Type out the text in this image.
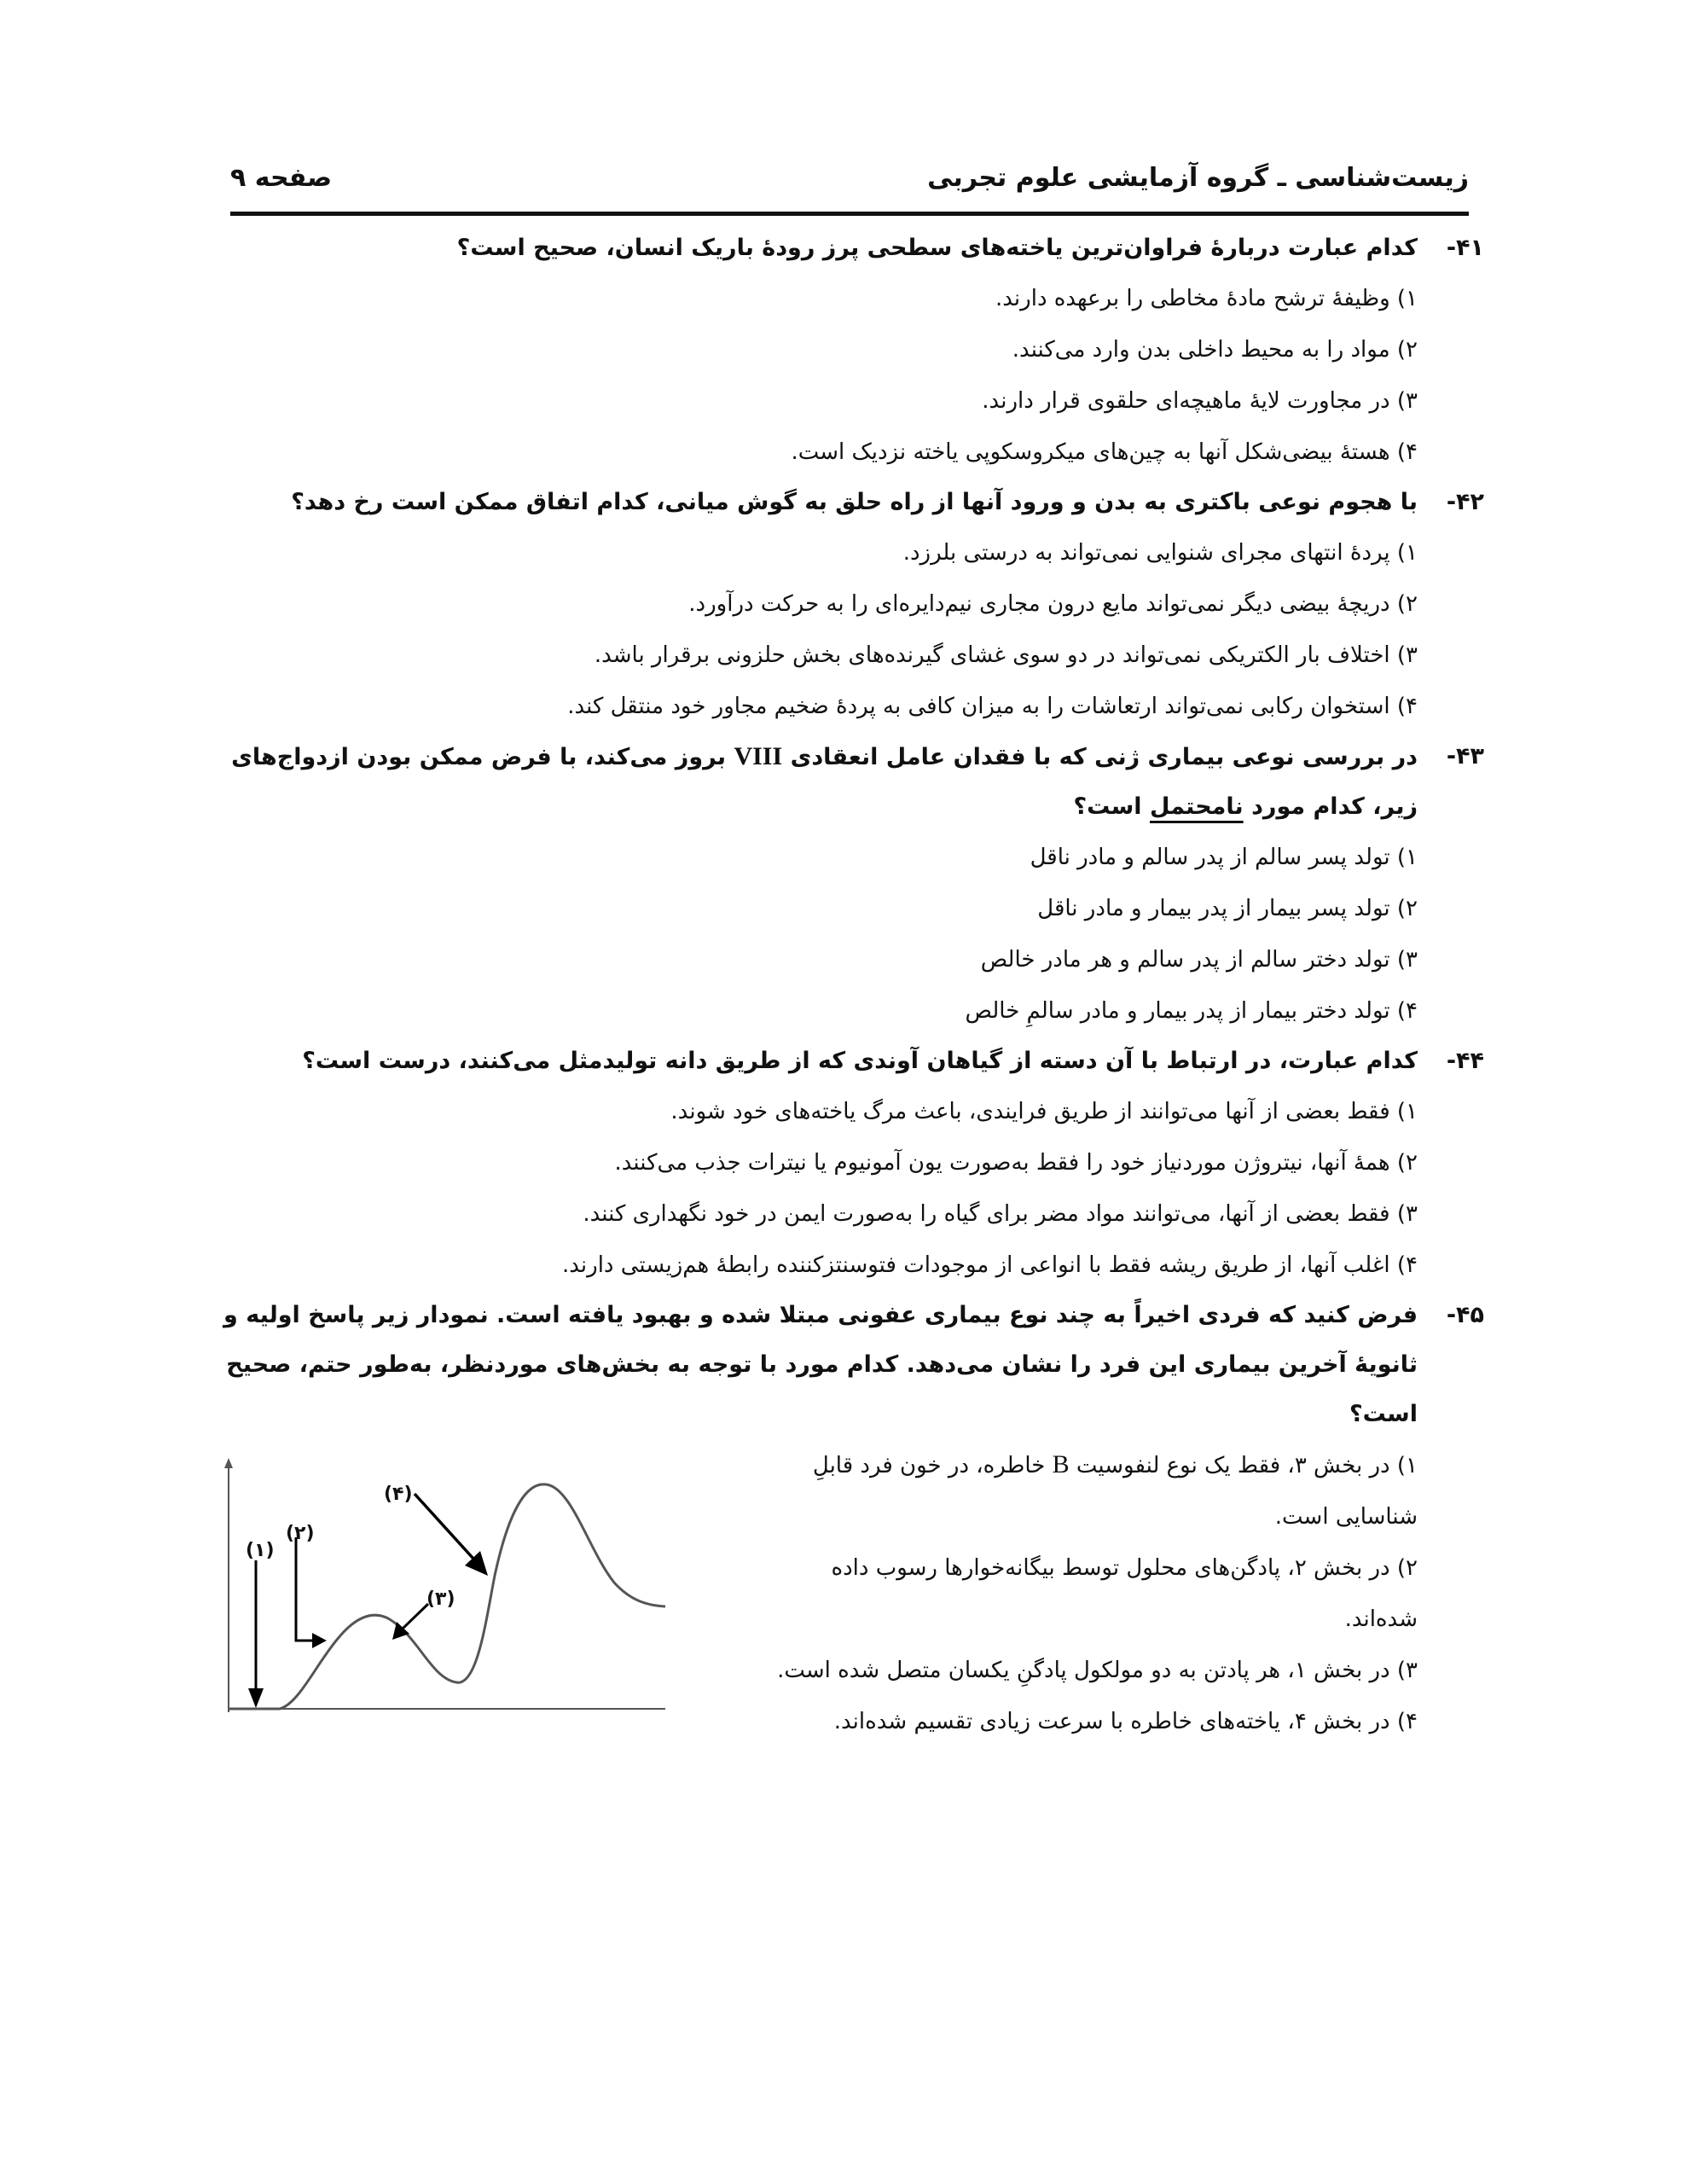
زیست‌شناسی ـ گروه آزمایشی علوم تجربی
صفحه ۹
۴۱-
کدام عبارت دربارهٔ فراوان‌ترین یاخته‌های سطحی پرز رودهٔ باریک انسان، صحیح است؟
۱) وظیفهٔ ترشح مادهٔ مخاطی را برعهده دارند.
۲) مواد را به محیط داخلی بدن وارد می‌کنند.
۳) در مجاورت لایهٔ ماهیچه‌ای حلقوی قرار دارند.
۴) هستهٔ بیضی‌شکل آنها به چین‌های میکروسکوپی یاخته نزدیک است.
۴۲-
با هجوم نوعی باکتری به بدن و ورود آنها از راه حلق به گوش میانی، کدام اتفاق ممکن است رخ دهد؟
۱) پردهٔ انتهای مجرای شنوایی نمی‌تواند به درستی بلرزد.
۲) دریچهٔ بیضی دیگر نمی‌تواند مایع درون مجاری نیم‌دایره‌ای را به حرکت درآورد.
۳) اختلاف بار الکتریکی نمی‌تواند در دو سوی غشای گیرنده‌های بخش حلزونی برقرار باشد.
۴) استخوان رکابی نمی‌تواند ارتعاشات را به میزان کافی به پردهٔ ضخیم مجاور خود منتقل کند.
۴۳-
در بررسی نوعی بیماری ژنی که با فقدان عامل انعقادی VIII بروز می‌کند، با فرض ممکن بودن ازدواج‌های زیر، کدام مورد نامحتمل است؟
۱) تولد پسر سالم از پدر سالم و مادر ناقل
۲) تولد پسر بیمار از پدر بیمار و مادر ناقل
۳) تولد دختر سالم از پدر سالم و هر مادر خالص
۴) تولد دختر بیمار از پدر بیمار و مادر سالمِ خالص
۴۴-
کدام عبارت، در ارتباط با آن دسته از گیاهان آوندی که از طریق دانه تولیدمثل می‌کنند، درست است؟
۱) فقط بعضی از آنها می‌توانند از طریق فرایندی، باعث مرگ یاخته‌های خود شوند.
۲) همهٔ آنها، نیتروژن موردنیاز خود را فقط به‌صورت یون آمونیوم یا نیترات جذب می‌کنند.
۳) فقط بعضی از آنها، می‌توانند مواد مضر برای گیاه را به‌صورت ایمن در خود نگهداری کنند.
۴) اغلب آنها، از طریق ریشه فقط با انواعی از موجودات فتوسنتزکننده رابطهٔ هم‌زیستی دارند.
۴۵-
فرض کنید که فردی اخیراً به چند نوع بیماری عفونی مبتلا شده و بهبود یافته است. نمودار زیر پاسخ اولیه و ثانویهٔ آخرین بیماری این فرد را نشان می‌دهد. کدام مورد با توجه به بخش‌های موردنظر، به‌طور حتم، صحیح است؟
۱) در بخش ۳، فقط یک نوع لنفوسیت B خاطره، در خون فرد قابلِ شناسایی است.
۲) در بخش ۲، پادگن‌های محلول توسط بیگانه‌خوارها رسوب داده شده‌اند.
۳) در بخش ۱، هر پادتن به دو مولکول پادگنِ یکسان متصل شده است.
۴) در بخش ۴، یاخته‌های خاطره با سرعت زیادی تقسیم شده‌اند.
(۱)
(۲)
(۳)
(۴)
